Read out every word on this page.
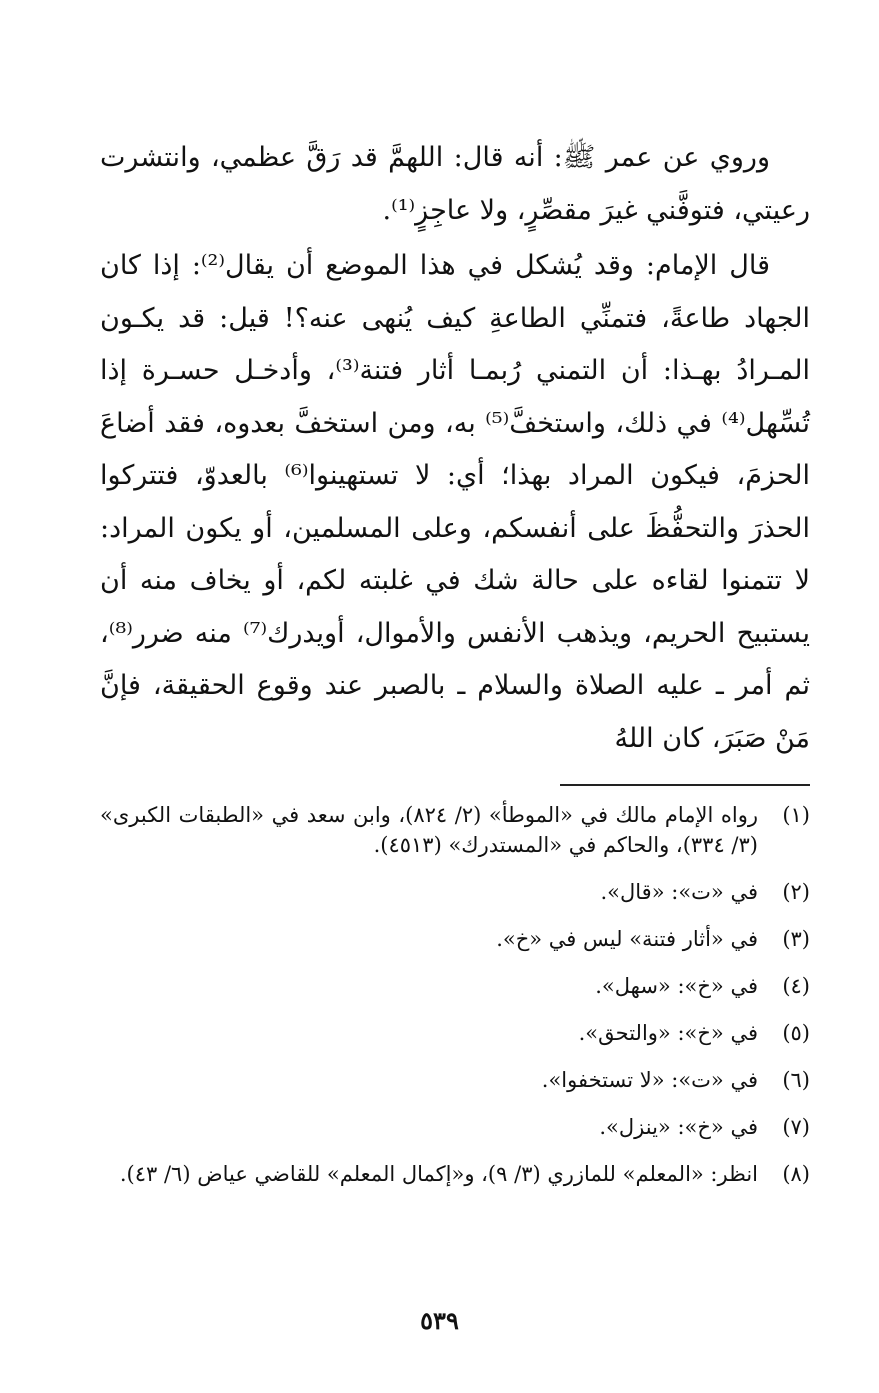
وروي عن عمر ﷺ: أنه قال: اللهمَّ قد رَقَّ عظمي، وانتشرت رعيتي، فتوفَّني غيرَ مقصِّرٍ، ولا عاجِزٍ⁽¹⁾.

قال الإمام: وقد يُشكل في هذا الموضع أن يقال⁽²⁾: إذا كان الجهاد طاعةً، فتمنِّي الطاعةِ كيف يُنهى عنه؟! قيل: قد يكـون المـرادُ بهـذا: أن التمني رُبمـا أثار فتنة⁽³⁾، وأدخـل حسـرة إذا تُسِّهل⁽⁴⁾ في ذلك، واستخفَّ⁽⁵⁾ به، ومن استخفَّ بعدوه، فقد أضاعَ الحزمَ، فيكون المراد بهذا؛ أي: لا تستهينوا⁽⁶⁾ بالعدوّ، فتتركوا الحذرَ والتحفُّظَ على أنفسكم، وعلى المسلمين، أو يكون المراد: لا تتمنوا لقاءه على حالة شك في غلبته لكم، أو يخاف منه أن يستبيح الحريم، ويذهب الأنفس والأموال، أويدرك⁽⁷⁾ منه ضرر⁽⁸⁾، ثم أمر ـ عليه الصلاة والسلام ـ بالصبر عند وقوع الحقيقة، فإنَّ مَنْ صَبَرَ، كان اللهُ

(١)
رواه الإمام مالك في «الموطأ» (٢/ ٨٢٤)، وابن سعد في «الطبقات الكبرى» (٣/ ٣٣٤)، والحاكم في «المستدرك» (٤٥١٣).
(٢)
في «ت»: «قال».
(٣)
في «أثار فتنة» ليس في «خ».
(٤)
في «خ»: «سهل».
(٥)
في «خ»: «والتحق».
(٦)
في «ت»: «لا تستخفوا».
(٧)
في «خ»: «ينزل».
(٨)
انظر: «المعلم» للمازري (٣/ ٩)، و«إكمال المعلم» للقاضي عياض (٦/ ٤٣).
٥٣٩
